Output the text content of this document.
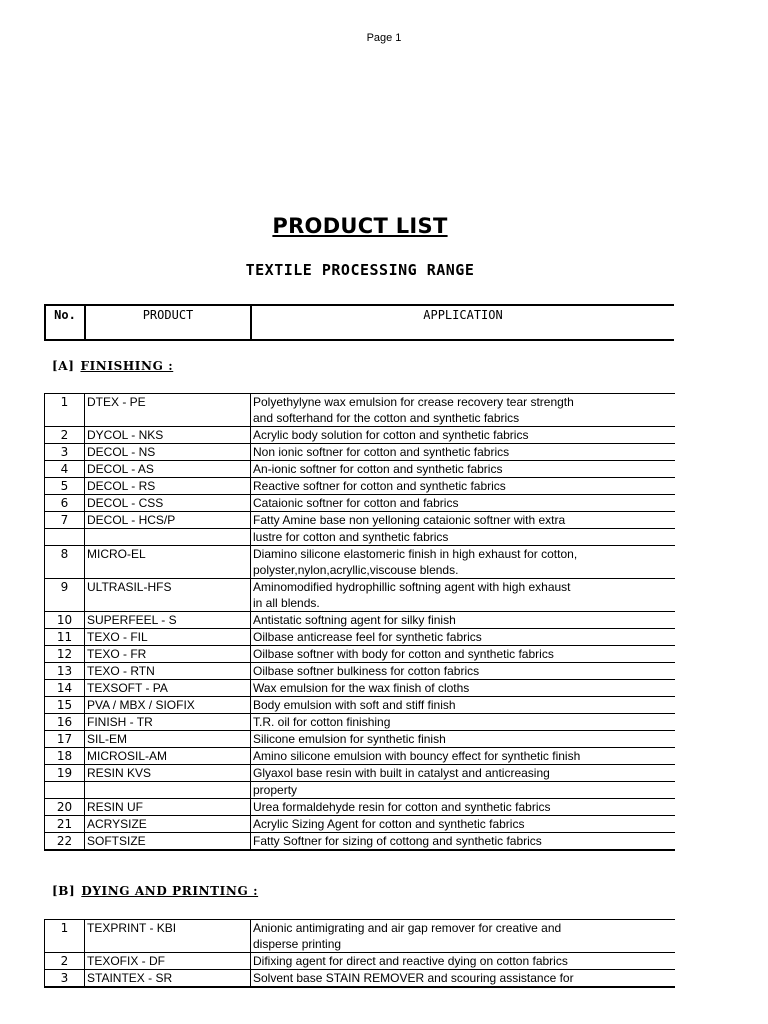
Page 1
PRODUCT LIST
TEXTILE PROCESSING RANGE
No.	PRODUCT	APPLICATION
[A] FINISHING :
1	DTEX - PE	Polyethylyne wax emulsion for crease recovery tear strength
		and softerhand for the cotton and synthetic fabrics
2	DYCOL - NKS	Acrylic body solution for cotton and synthetic fabrics
3	DECOL - NS	Non ionic softner for cotton and synthetic fabrics
4	DECOL - AS	An-ionic softner for cotton and synthetic fabrics
5	DECOL - RS	Reactive softner for cotton and synthetic fabrics
6	DECOL - CSS	Cataionic softner for cotton and fabrics
7	DECOL - HCS/P	Fatty Amine base non yelloning cataionic softner with extra
		lustre for cotton and synthetic fabrics
8	MICRO-EL	Diamino silicone elastomeric finish in high exhaust for cotton,
		polyster,nylon,acryllic,viscouse blends.
9	ULTRASIL-HFS	Aminomodified hydrophillic softning agent with high exhaust
		in all blends.
10	SUPERFEEL - S	Antistatic softning agent for silky finish
11	TEXO - FIL	Oilbase anticrease feel for synthetic fabrics
12	TEXO - FR	Oilbase softner with body for cotton and synthetic fabrics
13	TEXO - RTN	Oilbase softner bulkiness for cotton fabrics
14	TEXSOFT - PA	Wax emulsion for the wax finish of cloths
15	PVA / MBX / SIOFIX	Body emulsion with soft and stiff finish
16	FINISH - TR	T.R. oil for cotton finishing
17	SIL-EM	Silicone emulsion for synthetic finish
18	MICROSIL-AM	Amino silicone emulsion with bouncy effect for synthetic finish
19	RESIN KVS	Glyaxol base resin with built in catalyst and anticreasing
		property
20	RESIN UF	Urea formaldehyde resin for cotton and synthetic fabrics
21	ACRYSIZE	Acrylic Sizing Agent for cotton and synthetic fabrics
22	SOFTSIZE	Fatty Softner for sizing of cottong and synthetic fabrics
[B] DYING AND PRINTING :
1	TEXPRINT - KBI	Anionic antimigrating and air gap remover for creative and
		disperse printing
2	TEXOFIX - DF	Difixing agent for direct and reactive dying on cotton fabrics
3	STAINTEX - SR	Solvent base STAIN REMOVER and scouring assistance for
